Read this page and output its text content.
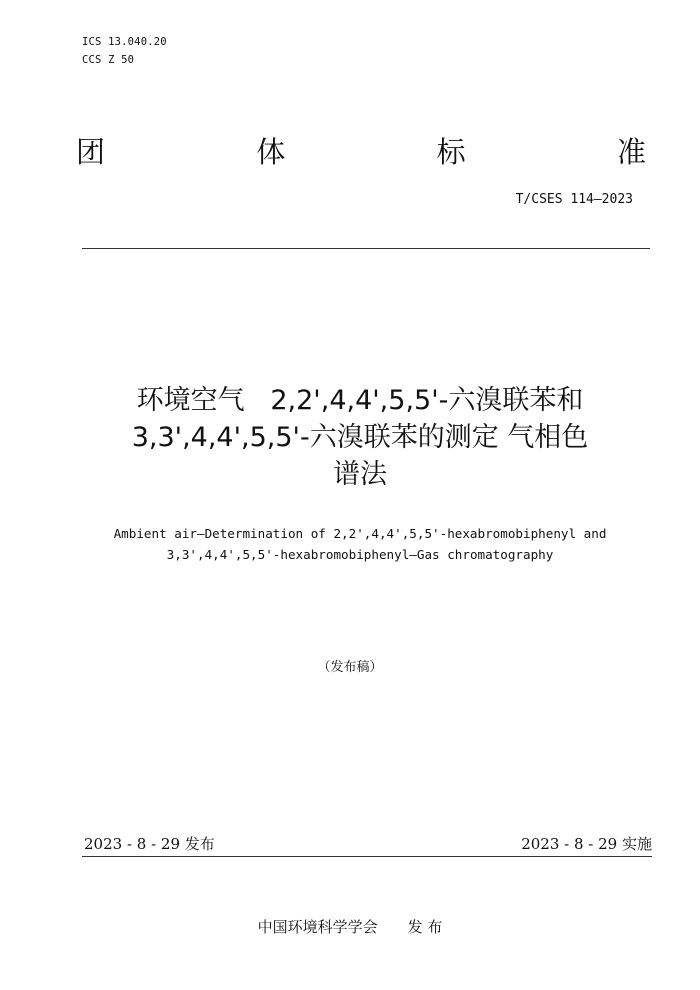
ICS 13.040.20
CCS Z 50
团	体	标	准
T/CSES 114—2023
环境空气   2,2',4,4',5,5'-六溴联苯和
3,3',4,4',5,5'-六溴联苯的测定 气相色
谱法
Ambient air—Determination of 2,2',4,4',5,5'-hexabromobiphenyl and
3,3',4,4',5,5'-hexabromobiphenyl—Gas chromatography
（发布稿）
2023 - 8 - 29 发布	2023 - 8 - 29 实施
中国环境科学学会 发 布
